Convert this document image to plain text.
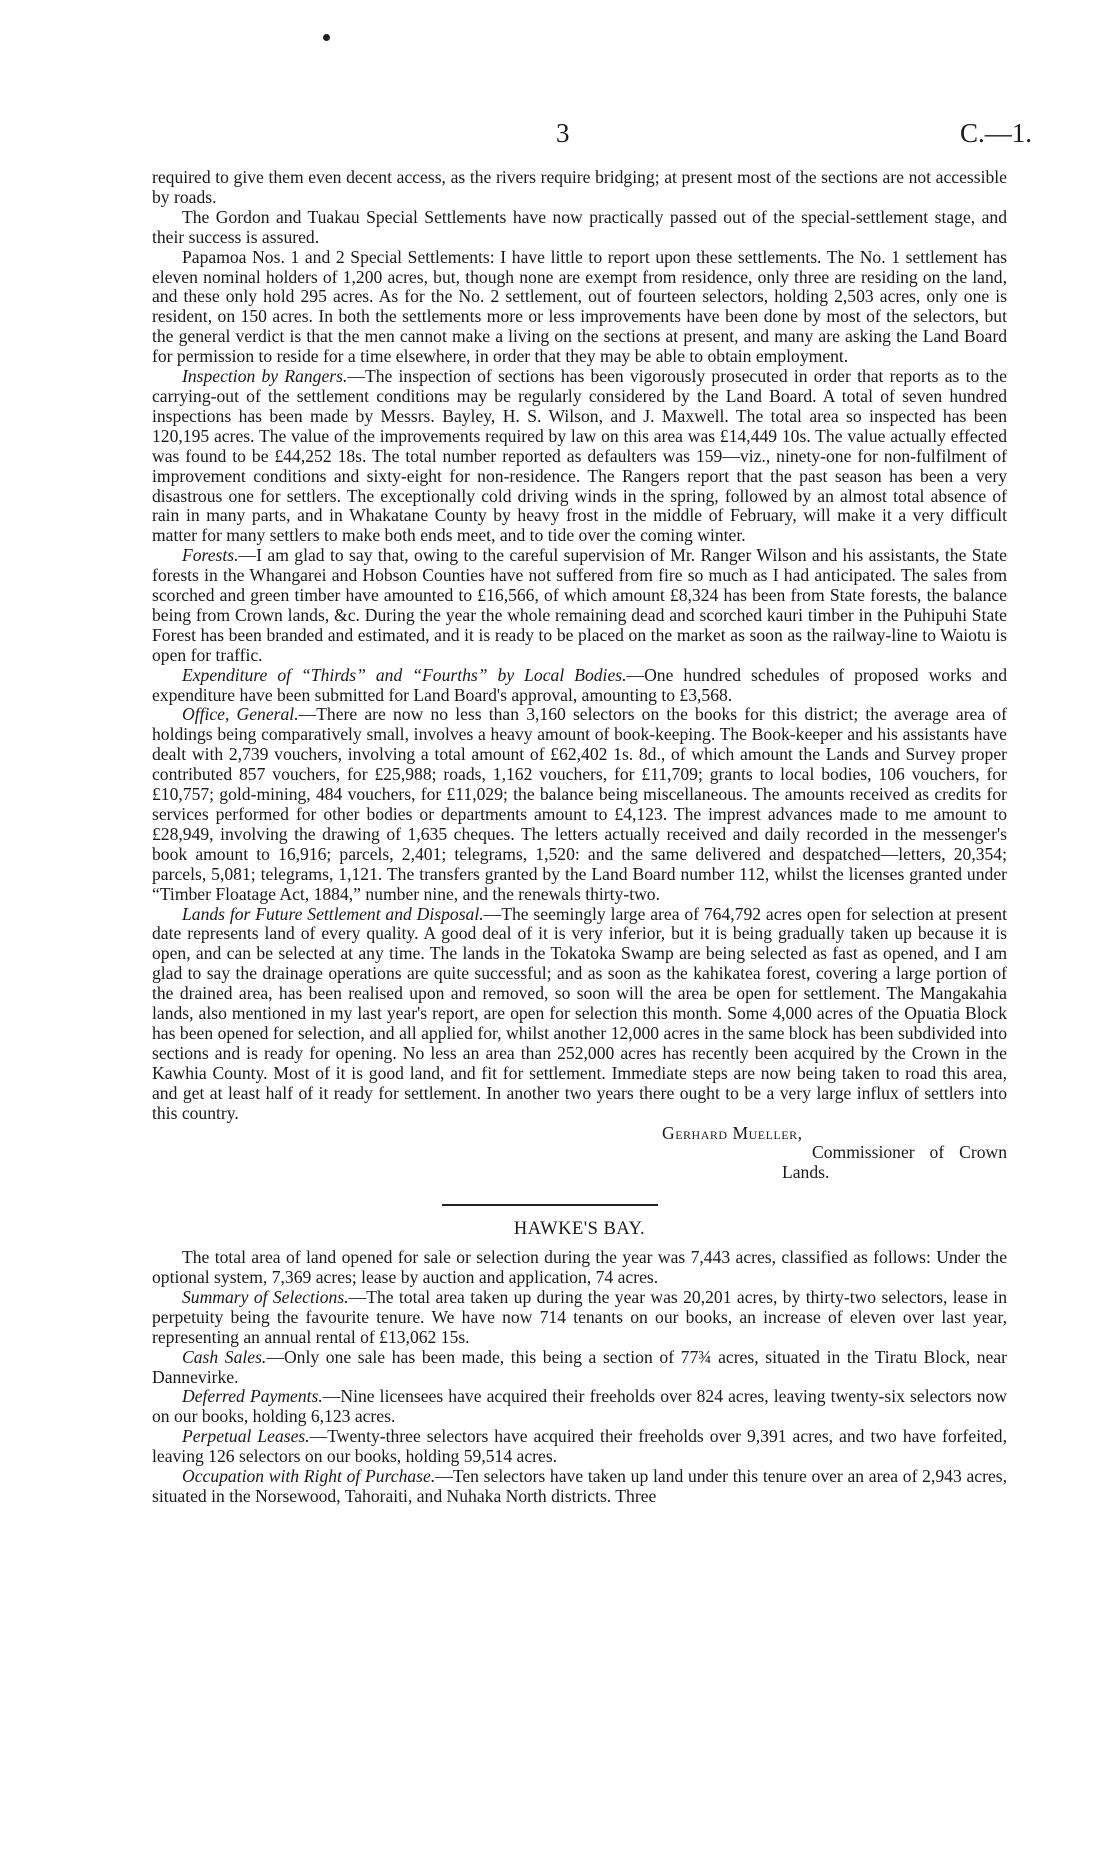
3	C.—1.

required to give them even decent access, as the rivers require bridging; at present most of the sections are not accessible by roads.

The Gordon and Tuakau Special Settlements have now practically passed out of the special-settlement stage, and their success is assured.

Papamoa Nos. 1 and 2 Special Settlements: I have little to report upon these settlements. The No. 1 settlement has eleven nominal holders of 1,200 acres, but, though none are exempt from residence, only three are residing on the land, and these only hold 295 acres. As for the No. 2 settlement, out of fourteen selectors, holding 2,503 acres, only one is resident, on 150 acres. In both the settlements more or less improvements have been done by most of the selectors, but the general verdict is that the men cannot make a living on the sections at present, and many are asking the Land Board for permission to reside for a time elsewhere, in order that they may be able to obtain employment.

Inspection by Rangers.—The inspection of sections has been vigorously prosecuted in order that reports as to the carrying-out of the settlement conditions may be regularly considered by the Land Board. A total of seven hundred inspections has been made by Messrs. Bayley, H. S. Wilson, and J. Maxwell. The total area so inspected has been 120,195 acres. The value of the improvements required by law on this area was £14,449 10s. The value actually effected was found to be £44,252 18s. The total number reported as defaulters was 159—viz., ninety-one for non-fulfilment of improvement conditions and sixty-eight for non-residence. The Rangers report that the past season has been a very disastrous one for settlers. The exceptionally cold driving winds in the spring, followed by an almost total absence of rain in many parts, and in Whakatane County by heavy frost in the middle of February, will make it a very difficult matter for many settlers to make both ends meet, and to tide over the coming winter.

Forests.—I am glad to say that, owing to the careful supervision of Mr. Ranger Wilson and his assistants, the State forests in the Whangarei and Hobson Counties have not suffered from fire so much as I had anticipated. The sales from scorched and green timber have amounted to £16,566, of which amount £8,324 has been from State forests, the balance being from Crown lands, &c. During the year the whole remaining dead and scorched kauri timber in the Puhipuhi State Forest has been branded and estimated, and it is ready to be placed on the market as soon as the railway-line to Waiotu is open for traffic.

Expenditure of “Thirds” and “Fourths” by Local Bodies.—One hundred schedules of proposed works and expenditure have been submitted for Land Board's approval, amounting to £3,568.

Office, General.—There are now no less than 3,160 selectors on the books for this district; the average area of holdings being comparatively small, involves a heavy amount of book-keeping. The Book-keeper and his assistants have dealt with 2,739 vouchers, involving a total amount of £62,402 1s. 8d., of which amount the Lands and Survey proper contributed 857 vouchers, for £25,988; roads, 1,162 vouchers, for £11,709; grants to local bodies, 106 vouchers, for £10,757; gold-mining, 484 vouchers, for £11,029; the balance being miscellaneous. The amounts received as credits for services performed for other bodies or departments amount to £4,123. The imprest advances made to me amount to £28,949, involving the drawing of 1,635 cheques. The letters actually received and daily recorded in the messenger's book amount to 16,916; parcels, 2,401; telegrams, 1,520: and the same delivered and despatched—letters, 20,354; parcels, 5,081; telegrams, 1,121. The transfers granted by the Land Board number 112, whilst the licenses granted under “Timber Floatage Act, 1884,” number nine, and the renewals thirty-two.

Lands for Future Settlement and Disposal.—The seemingly large area of 764,792 acres open for selection at present date represents land of every quality. A good deal of it is very inferior, but it is being gradually taken up because it is open, and can be selected at any time. The lands in the Tokatoka Swamp are being selected as fast as opened, and I am glad to say the drainage operations are quite successful; and as soon as the kahikatea forest, covering a large portion of the drained area, has been realised upon and removed, so soon will the area be open for settlement. The Mangakahia lands, also mentioned in my last year's report, are open for selection this month. Some 4,000 acres of the Opuatia Block has been opened for selection, and all applied for, whilst another 12,000 acres in the same block has been subdivided into sections and is ready for opening. No less an area than 252,000 acres has recently been acquired by the Crown in the Kawhia County. Most of it is good land, and fit for settlement. Immediate steps are now being taken to road this area, and get at least half of it ready for settlement. In another two years there ought to be a very large influx of settlers into this country.

Gerhard Mueller,

Commissioner of Crown Lands.

HAWKE'S BAY.

The total area of land opened for sale or selection during the year was 7,443 acres, classified as follows: Under the optional system, 7,369 acres; lease by auction and application, 74 acres.

Summary of Selections.—The total area taken up during the year was 20,201 acres, by thirty-two selectors, lease in perpetuity being the favourite tenure. We have now 714 tenants on our books, an increase of eleven over last year, representing an annual rental of £13,062 15s.

Cash Sales.—Only one sale has been made, this being a section of 77¾ acres, situated in the Tiratu Block, near Dannevirke.

Deferred Payments.—Nine licensees have acquired their freeholds over 824 acres, leaving twenty-six selectors now on our books, holding 6,123 acres.

Perpetual Leases.—Twenty-three selectors have acquired their freeholds over 9,391 acres, and two have forfeited, leaving 126 selectors on our books, holding 59,514 acres.

Occupation with Right of Purchase.—Ten selectors have taken up land under this tenure over an area of 2,943 acres, situated in the Norsewood, Tahoraiti, and Nuhaka North districts. Three
